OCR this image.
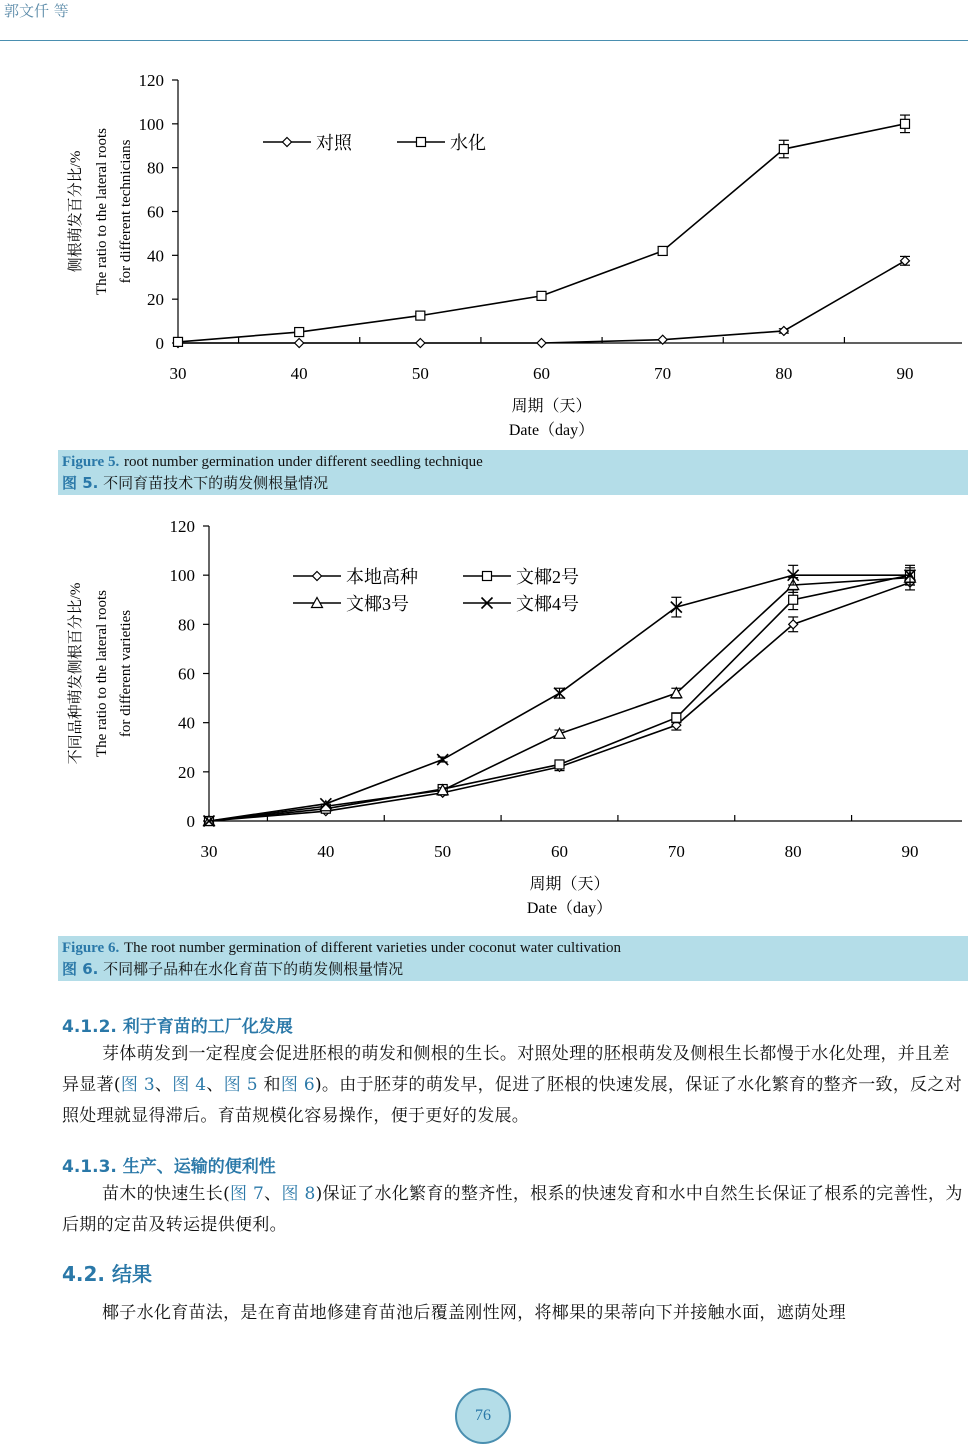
郭文仟 等
0
20
40
60
80
100
120
30	40	50	60	70	80	90
周期（天）
Date（day）
侧根萌发百分比/% The ratio to the lateral roots for different technicians	对照	水化
Figure 5. root number germination under different seedling technique
图 5. 不同育苗技术下的萌发侧根量情况
0
20
40
60
80
100
120
30	40	50	60	70	80	90
周期（天）
Date（day）
不同品种萌发侧根百分比/% The ratio to the lateral roots for different varieties
本地高种	文椰2号
文椰3号	文椰4号
Figure 6. The root number germination of different varieties under coconut water cultivation
图 6. 不同椰子品种在水化育苗下的萌发侧根量情况
4.1.2. 利于育苗的工厂化发展
芽体萌发到一定程度会促进胚根的萌发和侧根的生长。对照处理的胚根萌发及侧根生长都慢于水化处理，并且差异显著(图 3、图 4、图 5 和图 6)。由于胚芽的萌发早，促进了胚根的快速发展，保证了水化繁育的整齐一致，反之对照处理就显得滞后。育苗规模化容易操作，便于更好的发展。
4.1.3. 生产、运输的便利性
苗木的快速生长(图 7、图 8)保证了水化繁育的整齐性，根系的快速发育和水中自然生长保证了根系的完善性，为后期的定苗及转运提供便利。
4.2. 结果
椰子水化育苗法，是在育苗地修建育苗池后覆盖刚性网，将椰果的果蒂向下并接触水面，遮荫处理
76
